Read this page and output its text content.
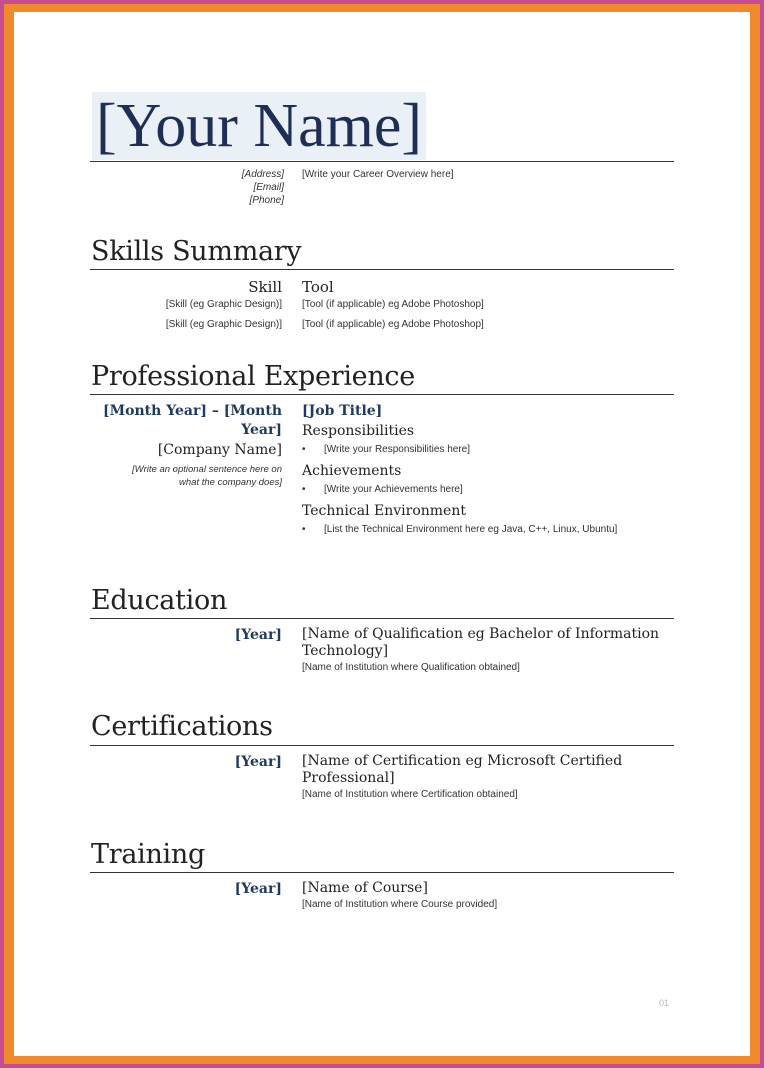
[Your Name]
[Address]
[Email]
[Phone]
[Write your Career Overview here]
Skills Summary
Skill Tool
[Skill (eg Graphic Design)] [Tool (if applicable) eg Adobe Photoshop]
[Skill (eg Graphic Design)] [Tool (if applicable) eg Adobe Photoshop]
Professional Experience
[Month Year] – [Month
Year]
[Company Name]
[Write an optional sentence here on
what the company does]
[Job Title]
Responsibilities
• [Write your Responsibilities here]
Achievements
• [Write your Achievements here]
Technical Environment
• [List the Technical Environment here eg Java, C++, Linux, Ubuntu]
Education
[Year] [Name of Qualification eg Bachelor of Information
Technology]
[Name of Institution where Qualification obtained]
Certifications
[Year] [Name of Certification eg Microsoft Certified
Professional]
[Name of Institution where Certification obtained]
Training
[Year] [Name of Course]
[Name of Institution where Course provided]
01
